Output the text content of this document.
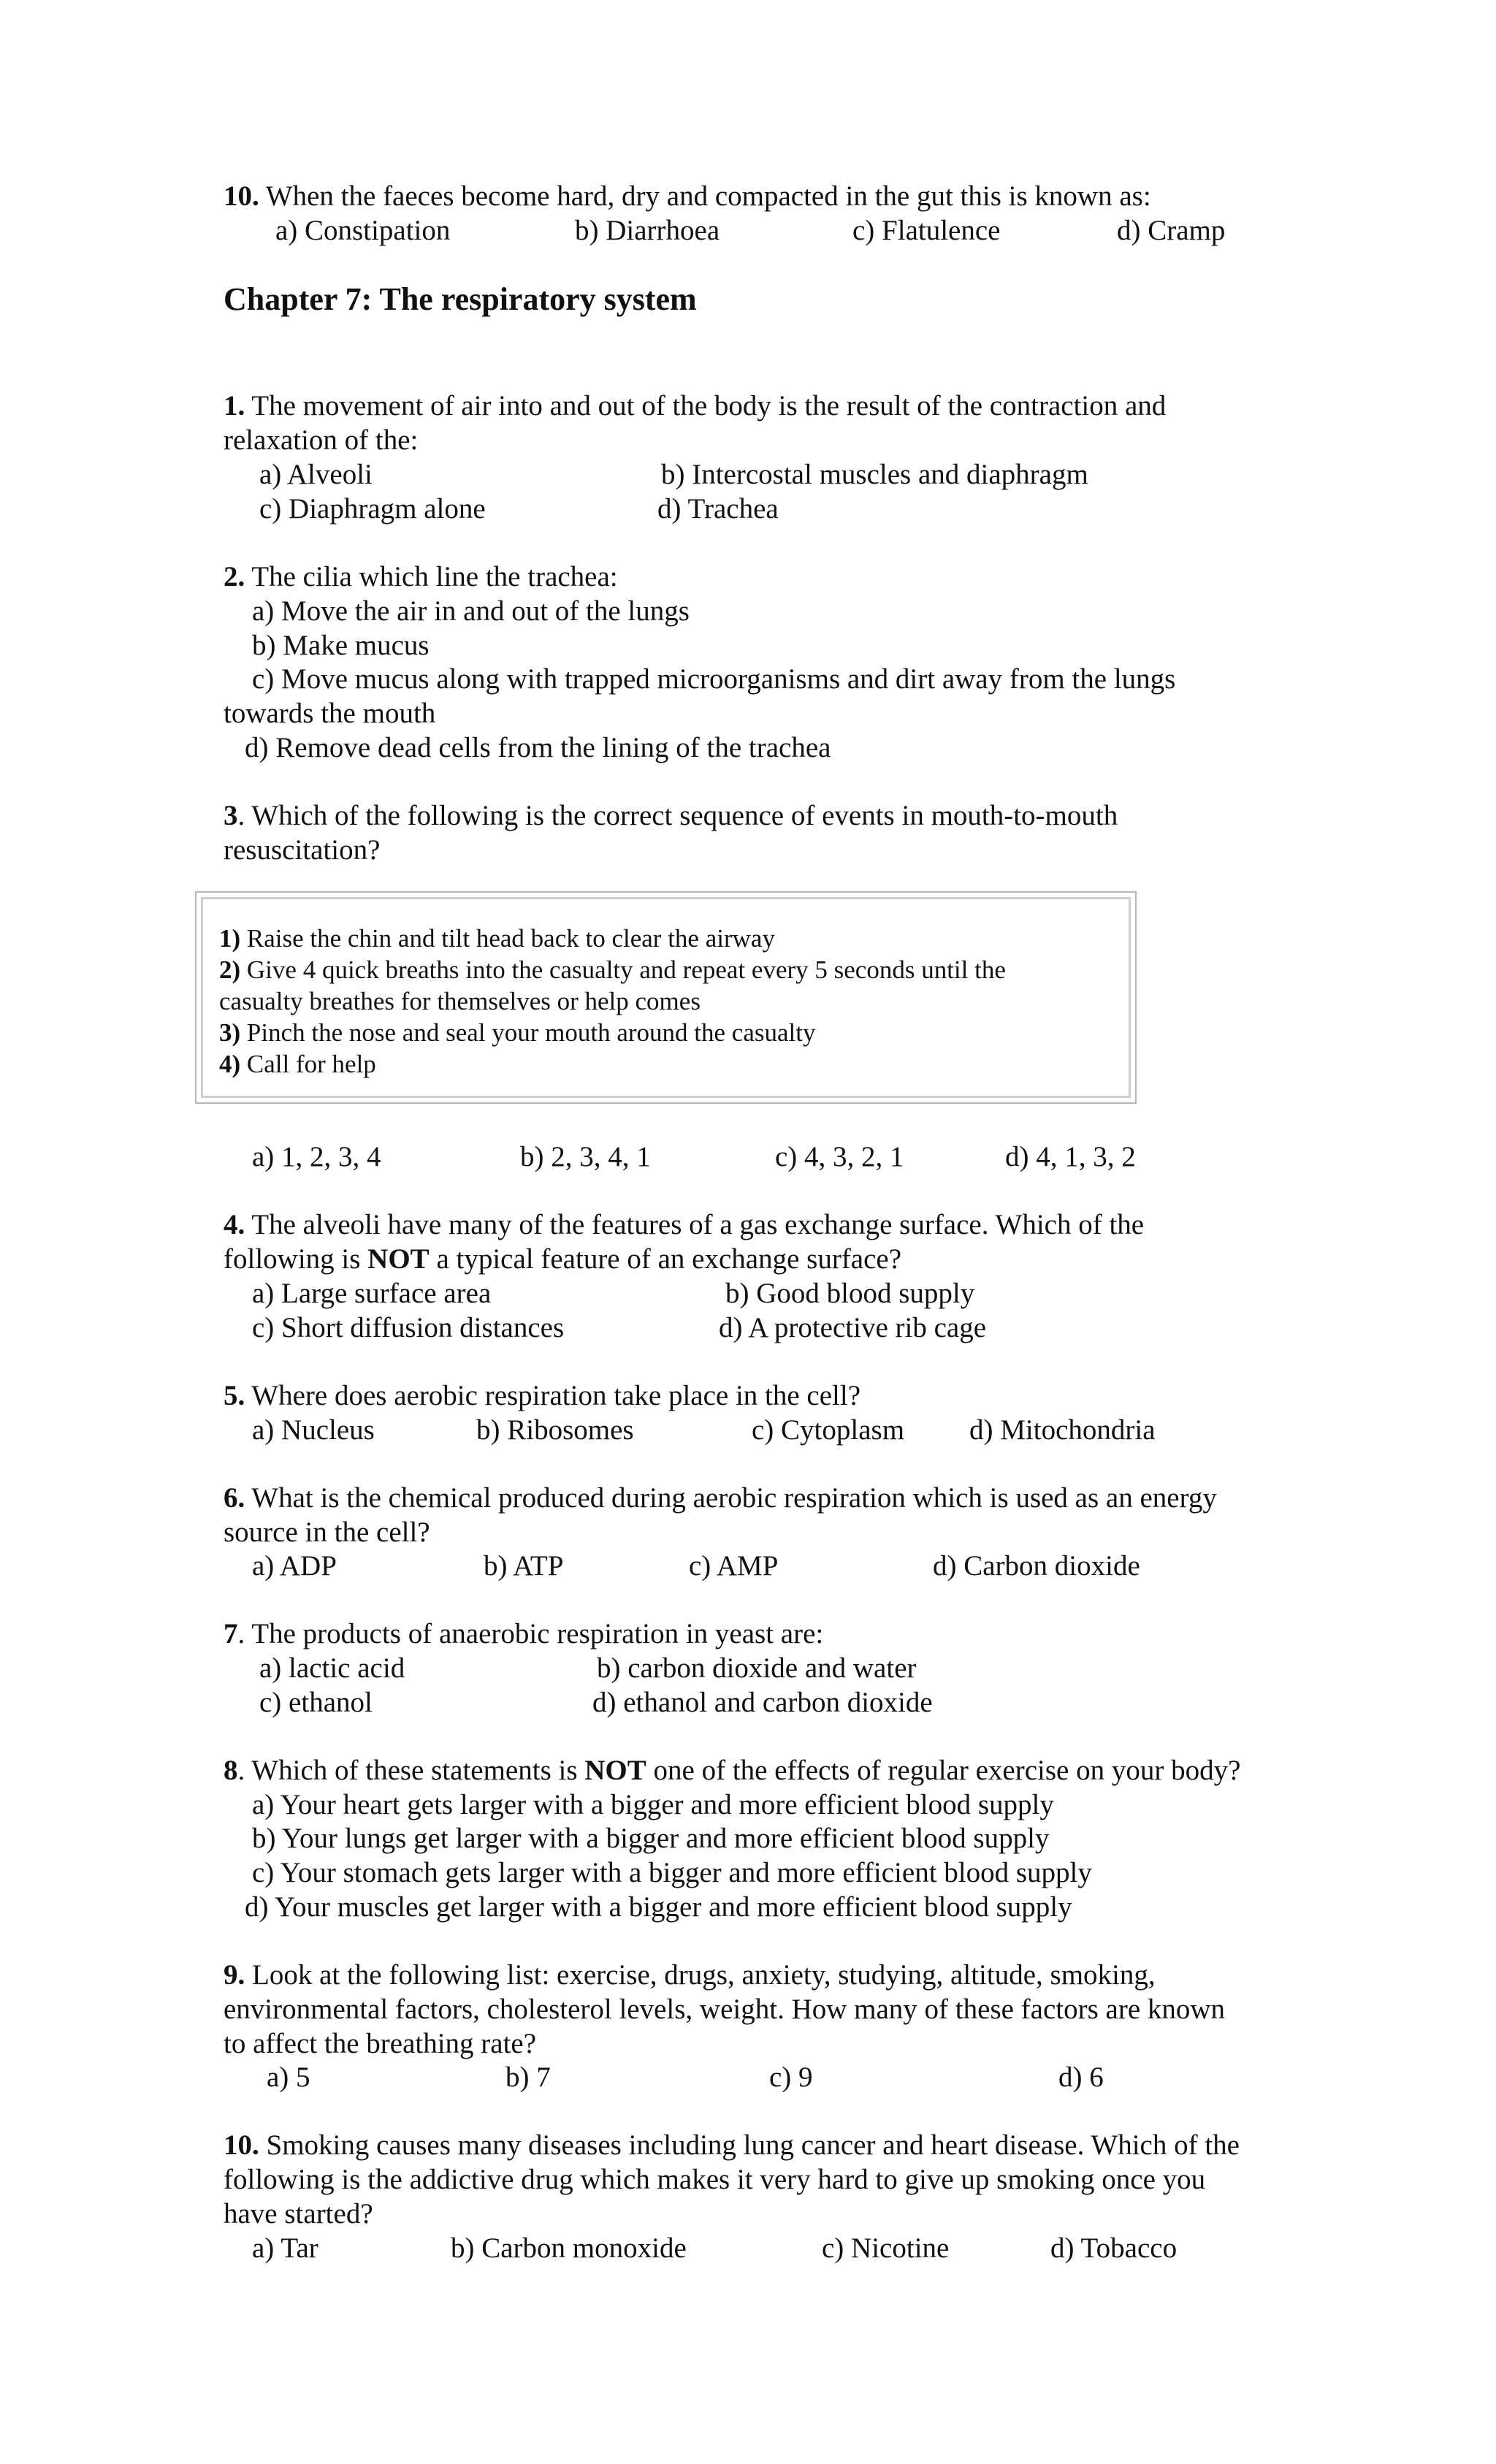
10. When the faeces become hard, dry and compacted in the gut this is known as:

a) Constipation	b) Diarrhoea	c) Flatulence	d) Cramp

Chapter 7: The respiratory system

1. The movement of air into and out of the body is the result of the contraction and

relaxation of the:

a) Alveoli	b) Intercostal muscles and diaphragm

c) Diaphragm alone	d) Trachea

2. The cilia which line the trachea:

a) Move the air in and out of the lungs

b) Make mucus

c) Move mucus along with trapped microorganisms and dirt away from the lungs

towards the mouth

d) Remove dead cells from the lining of the trachea

3. Which of the following is the correct sequence of events in mouth-to-mouth

resuscitation?

1) Raise the chin and tilt head back to clear the airway

2) Give 4 quick breaths into the casualty and repeat every 5 seconds until the

casualty breathes for themselves or help comes

3) Pinch the nose and seal your mouth around the casualty

4) Call for help

a) 1, 2, 3, 4	b) 2, 3, 4, 1	c) 4, 3, 2, 1	d) 4, 1, 3, 2

4. The alveoli have many of the features of a gas exchange surface. Which of the

following is NOT a typical feature of an exchange surface?

a) Large surface area	b) Good blood supply

c) Short diffusion distances	d) A protective rib cage

5. Where does aerobic respiration take place in the cell?

a) Nucleus	b) Ribosomes	c) Cytoplasm d) Mitochondria

6. What is the chemical produced during aerobic respiration which is used as an energy

source in the cell?

a) ADP	b) ATP	c) AMP	d) Carbon dioxide

7. The products of anaerobic respiration in yeast are:

a) lactic acid	b) carbon dioxide and water

c) ethanol	d) ethanol and carbon dioxide

8. Which of these statements is NOT one of the effects of regular exercise on your body?

a) Your heart gets larger with a bigger and more efficient blood supply

b) Your lungs get larger with a bigger and more efficient blood supply

c) Your stomach gets larger with a bigger and more efficient blood supply

d) Your muscles get larger with a bigger and more efficient blood supply

9. Look at the following list: exercise, drugs, anxiety, studying, altitude, smoking,

environmental factors, cholesterol levels, weight. How many of these factors are known

to affect the breathing rate?

a) 5	b) 7	c) 9	d) 6

10. Smoking causes many diseases including lung cancer and heart disease. Which of the

following is the addictive drug which makes it very hard to give up smoking once you

have started?

a) Tar	b) Carbon monoxide	c) Nicotine	d) Tobacco
